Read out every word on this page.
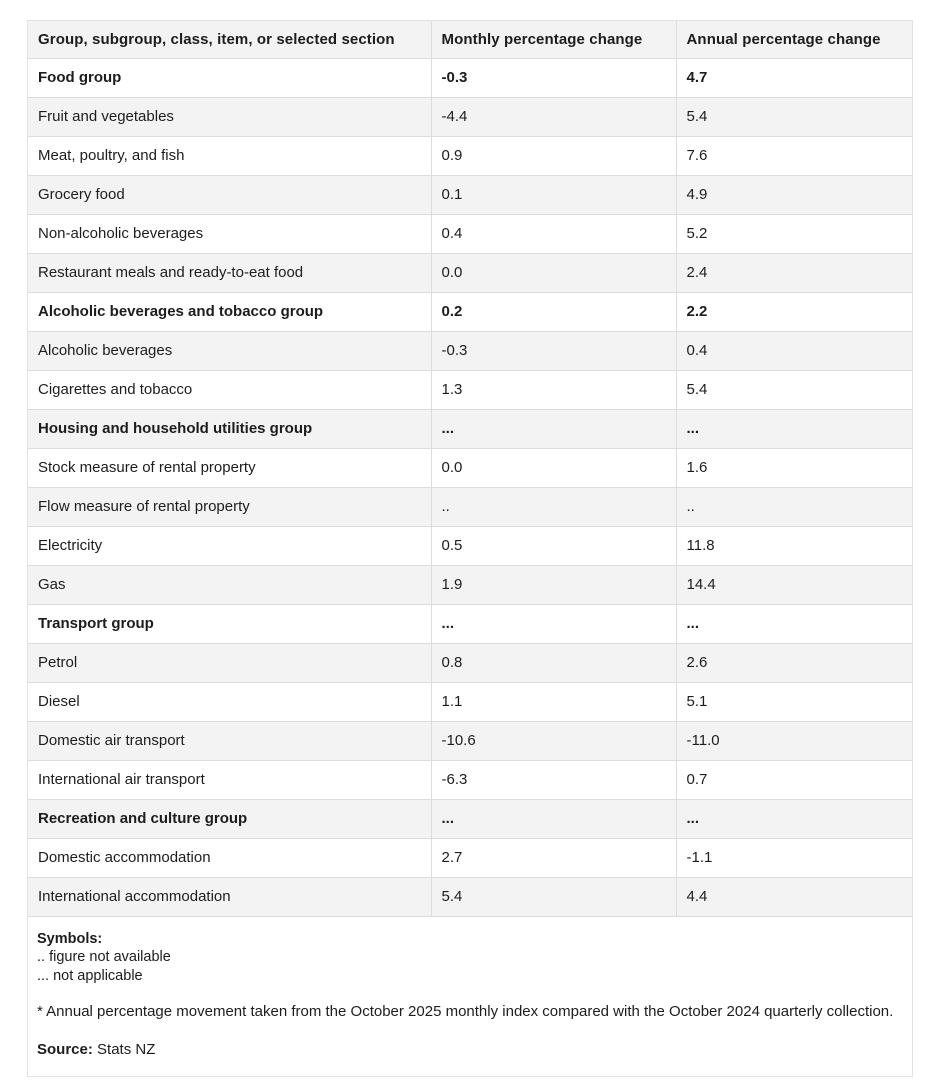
Group, subgroup, class, item, or selected section	Monthly percentage change	Annual percentage change
Food group	-0.3	4.7
Fruit and vegetables	-4.4	5.4
Meat, poultry, and fish	0.9	7.6
Grocery food	0.1	4.9
Non-alcoholic beverages	0.4	5.2
Restaurant meals and ready-to-eat food	0.0	2.4
Alcoholic beverages and tobacco group	0.2	2.2
Alcoholic beverages	-0.3	0.4
Cigarettes and tobacco	1.3	5.4
Housing and household utilities group	...	...
Stock measure of rental property	0.0	1.6
Flow measure of rental property	..	..
Electricity	0.5	11.8
Gas	1.9	14.4
Transport group	...	...
Petrol	0.8	2.6
Diesel	1.1	5.1
Domestic air transport	-10.6	-11.0
International air transport	-6.3	0.7
Recreation and culture group	...	...
Domestic accommodation	2.7	-1.1
International accommodation	5.4	4.4
Symbols:
.. figure not available
... not applicable
* Annual percentage movement taken from the October 2025 monthly index compared with the October 2024 quarterly collection.
Source: Stats NZ
